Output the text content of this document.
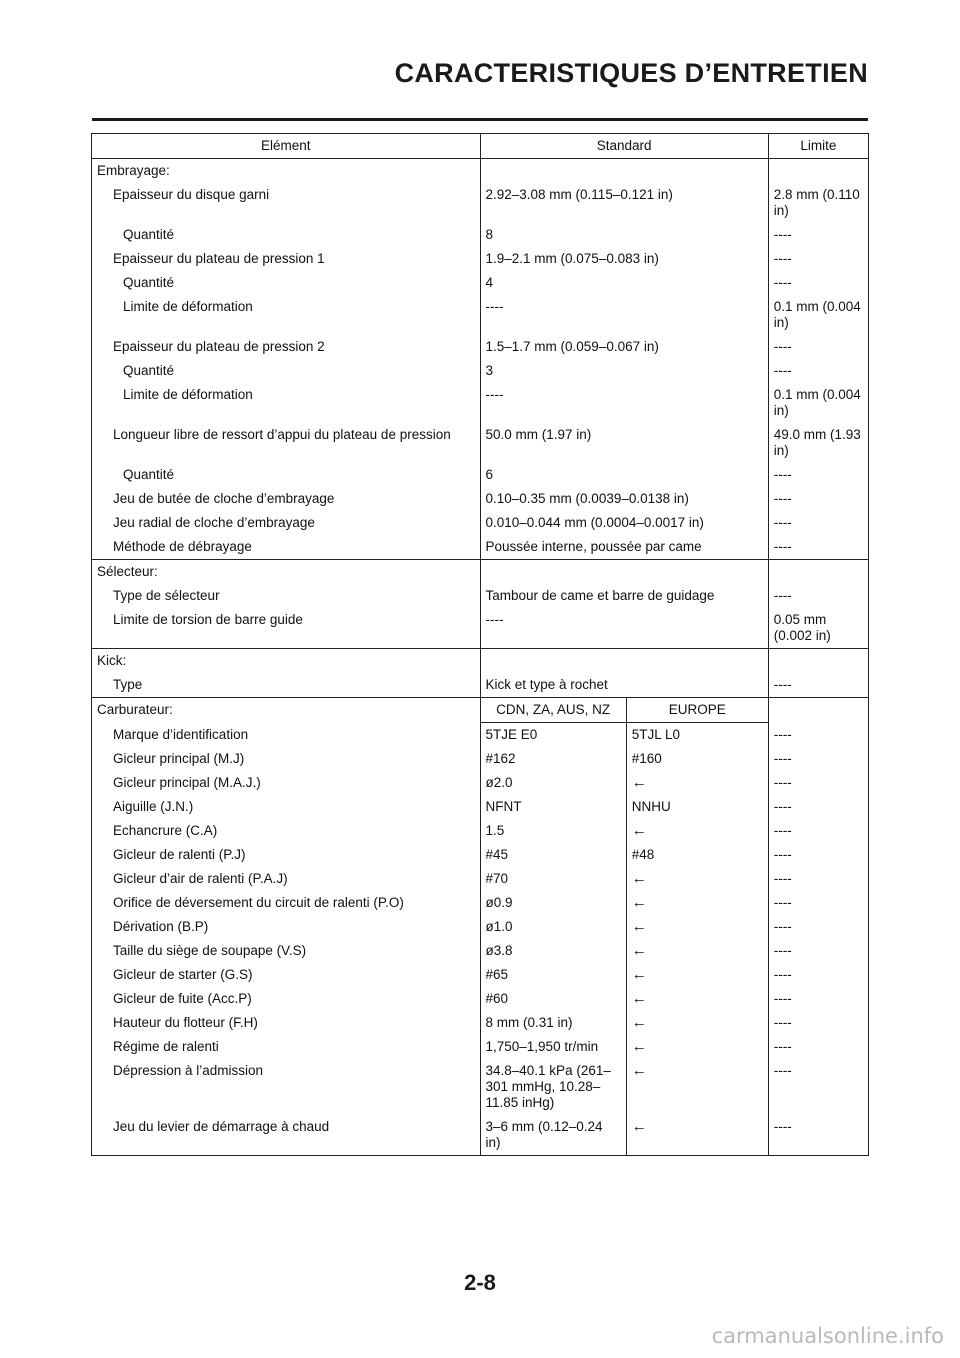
CARACTERISTIQUES D’ENTRETIEN
Elément	Standard		Limite
Embrayage:			
Epaisseur du disque garni	2.92–3.08 mm (0.115–0.121 in)		2.8 mm (0.110 in)
Quantité	8		----
Epaisseur du plateau de pression 1	1.9–2.1 mm (0.075–0.083 in)		----
Quantité	4		----
Limite de déformation	----		0.1 mm (0.004 in)
Epaisseur du plateau de pression 2	1.5–1.7 mm (0.059–0.067 in)		----
Quantité	3		----
Limite de déformation	----		0.1 mm (0.004 in)
Longueur libre de ressort d’appui du plateau de pression	50.0 mm (1.97 in)		49.0 mm (1.93 in)
Quantité	6		----
Jeu de butée de cloche d’embrayage	0.10–0.35 mm (0.0039–0.0138 in)		----
Jeu radial de cloche d’embrayage	0.010–0.044 mm (0.0004–0.0017 in)		----
Méthode de débrayage	Poussée interne, poussée par came		----
Sélecteur:			
Type de sélecteur	Tambour de came et barre de guidage		----
Limite de torsion de barre guide	----		0.05 mm (0.002 in)
Kick:			
Type	Kick et type à rochet		----
Carburateur:	CDN, ZA, AUS, NZ	EUROPE	
Marque d’identification	5TJE E0	5TJL L0	----
Gicleur principal (M.J)	#162	#160	----
Gicleur principal (M.A.J.)	ø2.0	←	----
Aiguille (J.N.)	NFNT	NNHU	----
Echancrure (C.A)	1.5	←	----
Gicleur de ralenti (P.J)	#45	#48	----
Gicleur d’air de ralenti (P.A.J)	#70	←	----
Orifice de déversement du circuit de ralenti (P.O)	ø0.9	←	----
Dérivation (B.P)	ø1.0	←	----
Taille du siège de soupape (V.S)	ø3.8	←	----
Gicleur de starter (G.S)	#65	←	----
Gicleur de fuite (Acc.P)	#60	←	----
Hauteur du flotteur (F.H)	8 mm (0.31 in)	←	----
Régime de ralenti	1,750–1,950 tr/min	←	----
Dépression à l’admission	34.8–40.1 kPa (261–301 mmHg, 10.28–11.85 inHg)	←	----
Jeu du levier de démarrage à chaud	3–6 mm (0.12–0.24 in)	←	----
2-8
carmanualsonline.info
